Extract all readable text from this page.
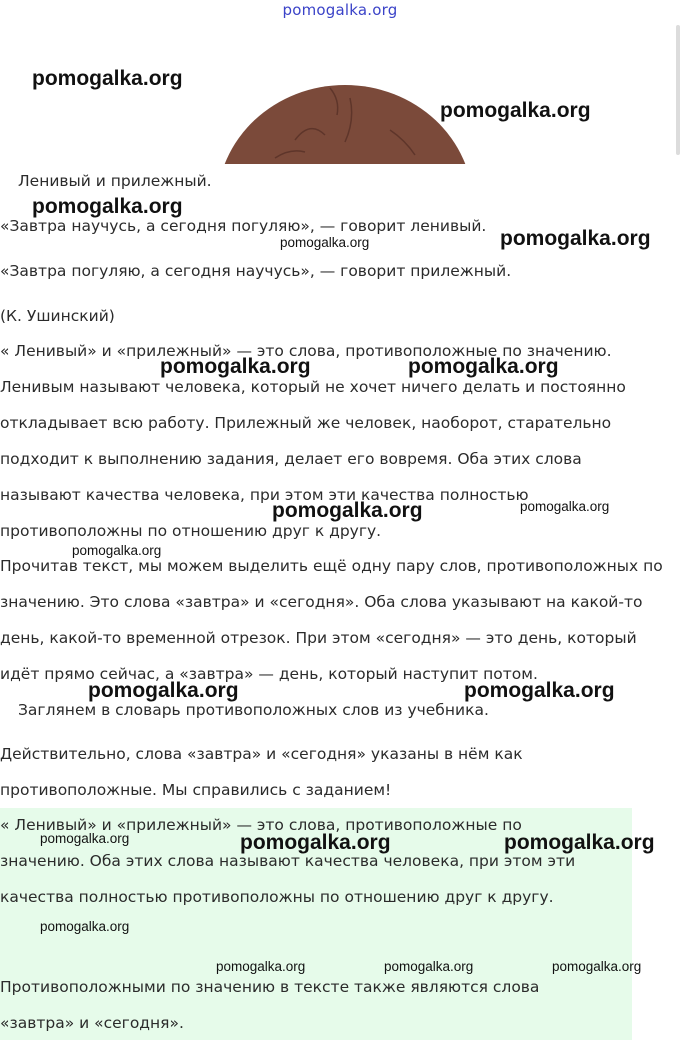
pomogalka.org
Ленивый и прилежный.
«Завтра научусь, а сегодня погуляю», — говорит ленивый.
«Завтра погуляю, а сегодня научусь», — говорит прилежный.
(К. Ушинский)
« Ленивый» и «прилежный» — это слова, противоположные по значению.
Ленивым называют человека, который не хочет ничего делать и постоянно
откладывает всю работу. Прилежный же человек, наоборот, старательно
подходит к выполнению задания, делает его вовремя. Оба этих слова
называют качества человека, при этом эти качества полностью
противоположны по отношению друг к другу.
Прочитав текст, мы можем выделить ещё одну пару слов, противоположных по
значению. Это слова «завтра» и «сегодня». Оба слова указывают на какой-то
день, какой-то временной отрезок. При этом «сегодня» — это день, который
идёт прямо сейчас, а «завтра» — день, который наступит потом.
Заглянем в словарь противоположных слов из учебника.
Действительно, слова «завтра» и «сегодня» указаны в нём как
противоположные. Мы справились с заданием!
« Ленивый» и «прилежный» — это слова, противоположные по
значению. Оба этих слова называют качества человека, при этом эти
качества полностью противоположны по отношению друг к другу.
Противоположными по значению в тексте также являются слова
«завтра» и «сегодня».
pomogalka.org
pomogalka.org
pomogalka.org
pomogalka.org
pomogalka.org	pomogalka.org
pomogalka.org
pomogalka.org	pomogalka.org
pomogalka.org	pomogalka.org
pomogalka.org
pomogalka.org
pomogalka.org
pomogalka.org
pomogalka.org
pomogalka.org	pomogalka.org	pomogalka.org
